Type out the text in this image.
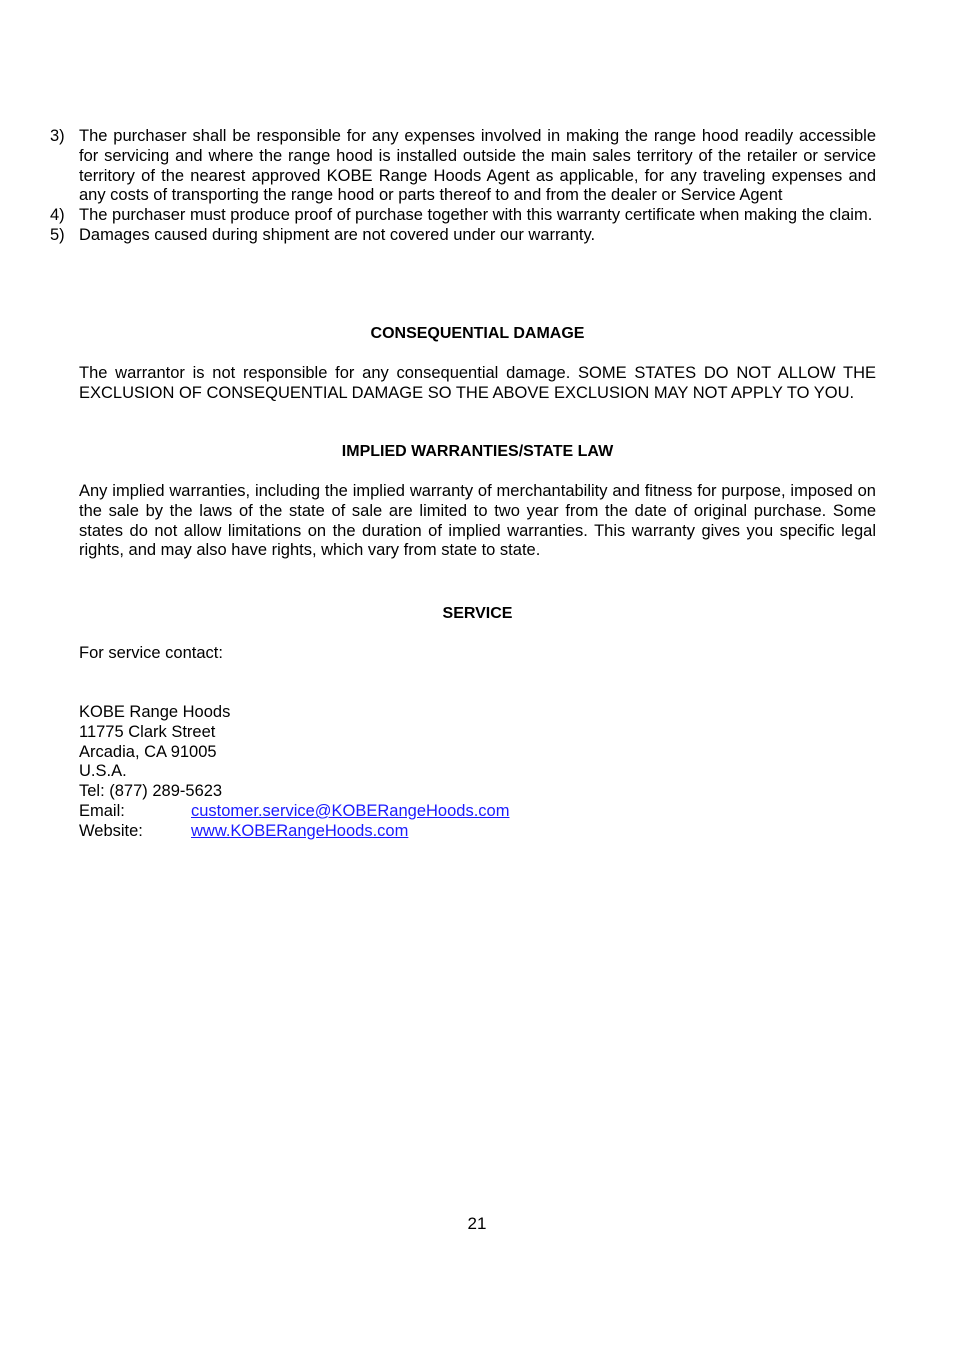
3) The purchaser shall be responsible for any expenses involved in making the range hood readily accessible for servicing and where the range hood is installed outside the main sales territory of the retailer or service territory of the nearest approved KOBE Range Hoods Agent as applicable, for any traveling expenses and any costs of transporting the range hood or parts thereof to and from the dealer or Service Agent
4) The purchaser must produce proof of purchase together with this warranty certificate when making the claim.
5) Damages caused during shipment are not covered under our warranty.
CONSEQUENTIAL DAMAGE

The warrantor is not responsible for any consequential damage. SOME STATES DO NOT ALLOW THE EXCLUSION OF CONSEQUENTIAL DAMAGE SO THE ABOVE EXCLUSION MAY NOT APPLY TO YOU.

IMPLIED WARRANTIES/STATE LAW

Any implied warranties, including the implied warranty of merchantability and fitness for purpose, imposed on the sale by the laws of the state of sale are limited to two year from the date of original purchase. Some states do not allow limitations on the duration of implied warranties. This warranty gives you specific legal rights, and may also have rights, which vary from state to state.

SERVICE

For service contact:

KOBE Range Hoods
11775 Clark Street
Arcadia, CA 91005
U.S.A.
Tel: (877) 289-5623
Email:	customer.service@KOBERangeHoods.com
Website:	www.KOBERangeHoods.com
21
